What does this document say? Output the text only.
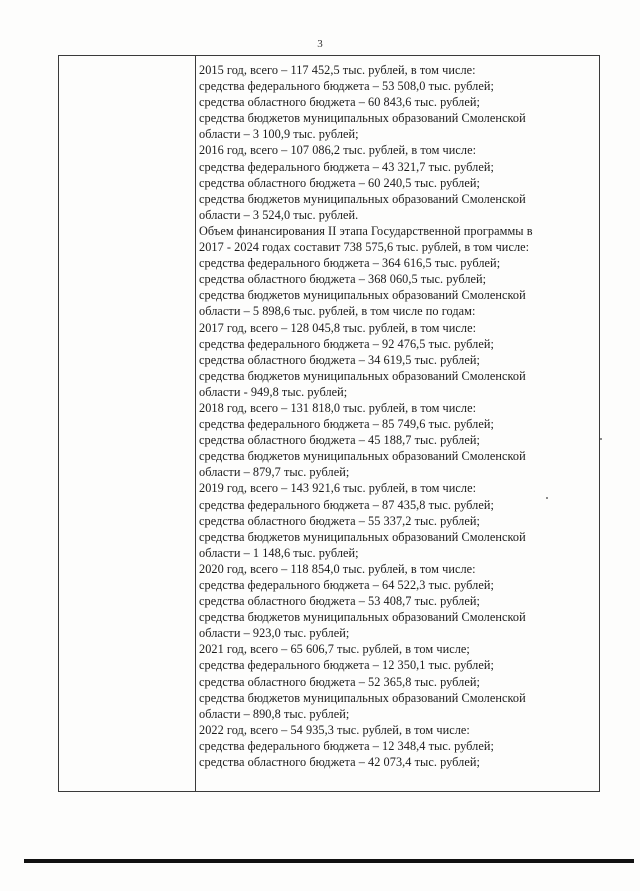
3
2015 год, всего – 117 452,5 тыс. рублей, в том числе:
средства федерального бюджета – 53 508,0 тыс. рублей;
средства областного бюджета – 60 843,6 тыс. рублей;
средства бюджетов муниципальных образований Смоленской
области – 3 100,9 тыс. рублей;
2016 год, всего – 107 086,2 тыс. рублей, в том числе:
средства федерального бюджета – 43 321,7 тыс. рублей;
средства областного бюджета – 60 240,5 тыс. рублей;
средства бюджетов муниципальных образований Смоленской
области – 3 524,0 тыс. рублей.
Объем финансирования II этапа Государственной программы в
2017 - 2024 годах составит 738 575,6 тыс. рублей, в том числе:
средства федерального бюджета – 364 616,5 тыс. рублей;
средства областного бюджета – 368 060,5 тыс. рублей;
средства бюджетов муниципальных образований Смоленской
области – 5 898,6 тыс. рублей, в том числе по годам:
2017 год, всего – 128 045,8 тыс. рублей, в том числе:
средства федерального бюджета – 92 476,5 тыс. рублей;
средства областного бюджета – 34 619,5 тыс. рублей;
средства бюджетов муниципальных образований Смоленской
области - 949,8 тыс. рублей;
2018 год, всего – 131 818,0 тыс. рублей, в том числе:
средства федерального бюджета – 85 749,6 тыс. рублей;
средства областного бюджета – 45 188,7 тыс. рублей;
средства бюджетов муниципальных образований Смоленской
области – 879,7 тыс. рублей;
2019 год, всего – 143 921,6 тыс. рублей, в том числе:
средства федерального бюджета – 87 435,8 тыс. рублей;
средства областного бюджета – 55 337,2 тыс. рублей;
средства бюджетов муниципальных образований Смоленской
области – 1 148,6 тыс. рублей;
2020 год, всего – 118 854,0 тыс. рублей, в том числе:
средства федерального бюджета – 64 522,3 тыс. рублей;
средства областного бюджета – 53 408,7 тыс. рублей;
средства бюджетов муниципальных образований Смоленской
области – 923,0 тыс. рублей;
2021 год, всего – 65 606,7 тыс. рублей, в том числе;
средства федерального бюджета – 12 350,1 тыс. рублей;
средства областного бюджета – 52 365,8 тыс. рублей;
средства бюджетов муниципальных образований Смоленской
области – 890,8 тыс. рублей;
2022 год, всего – 54 935,3 тыс. рублей, в том числе:
средства федерального бюджета – 12 348,4 тыс. рублей;
средства областного бюджета – 42 073,4 тыс. рублей;
